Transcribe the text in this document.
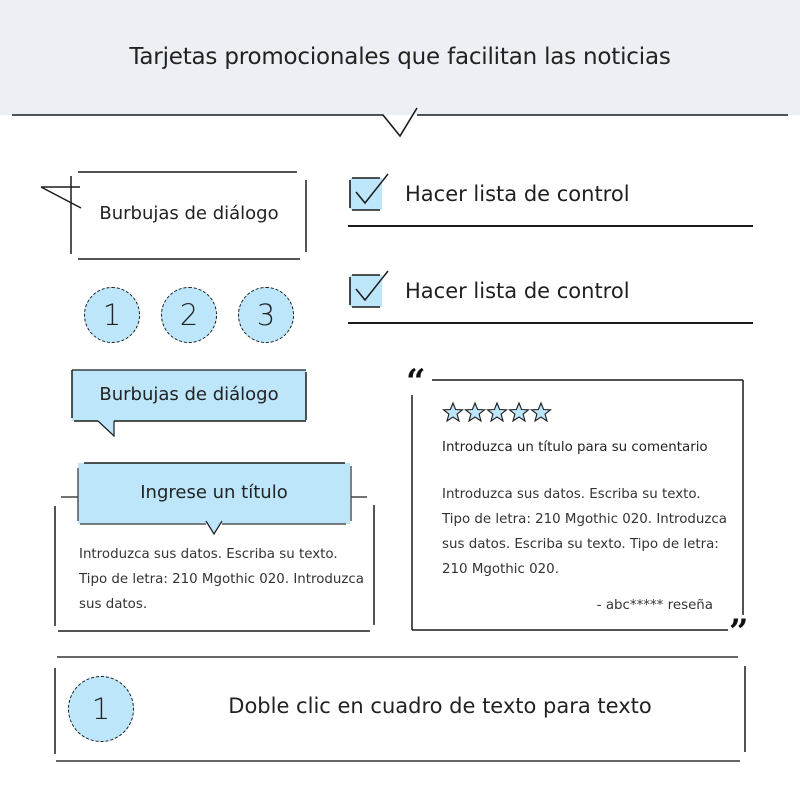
Tarjetas promocionales que facilitan las noticias
Burbujas de diálogo
1 2 3
Burbujas de diálogo
Ingrese un título
Introduzca sus datos. Escriba su texto. Tipo de letra: 210 Mgothic 020. Introduzca sus datos.
Hacer lista de control
Hacer lista de control
“
”
Introduzca un título para su comentario
Introduzca sus datos. Escriba su texto. Tipo de letra: 210 Mgothic 020. Introduzca sus datos. Escriba su texto. Tipo de letra: 210 Mgothic 020.
- abc***** reseña
1	Doble clic en cuadro de texto para texto
